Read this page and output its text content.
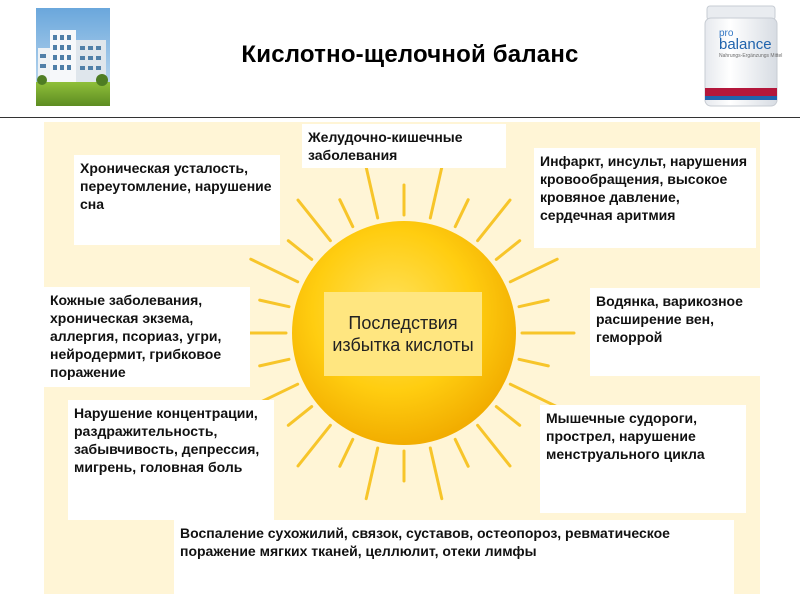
Кислотно-щелочной баланс
pro
balance
Nahrungs-Ergänzungs Mittel
Последствия избытка кислоты
Желудочно-кишечные заболевания
Хроническая усталость, переутомление, нарушение сна
Инфаркт, инсульт, нарушения кровообращения, высокое кровяное давление, сердечная аритмия
Кожные заболевания, хроническая экзема, аллергия, псориаз, угри, нейродермит, грибковое поражение
Водянка, варикозное расширение вен, геморрой
Нарушение концентрации, раздражительность, забывчивость, депрессия, мигрень, головная боль
Мышечные судороги, прострел, нарушение менструального цикла
Воспаление сухожилий, связок, суставов, остеопороз, ревматическое поражение мягких тканей, целлюлит, отеки лимфы
